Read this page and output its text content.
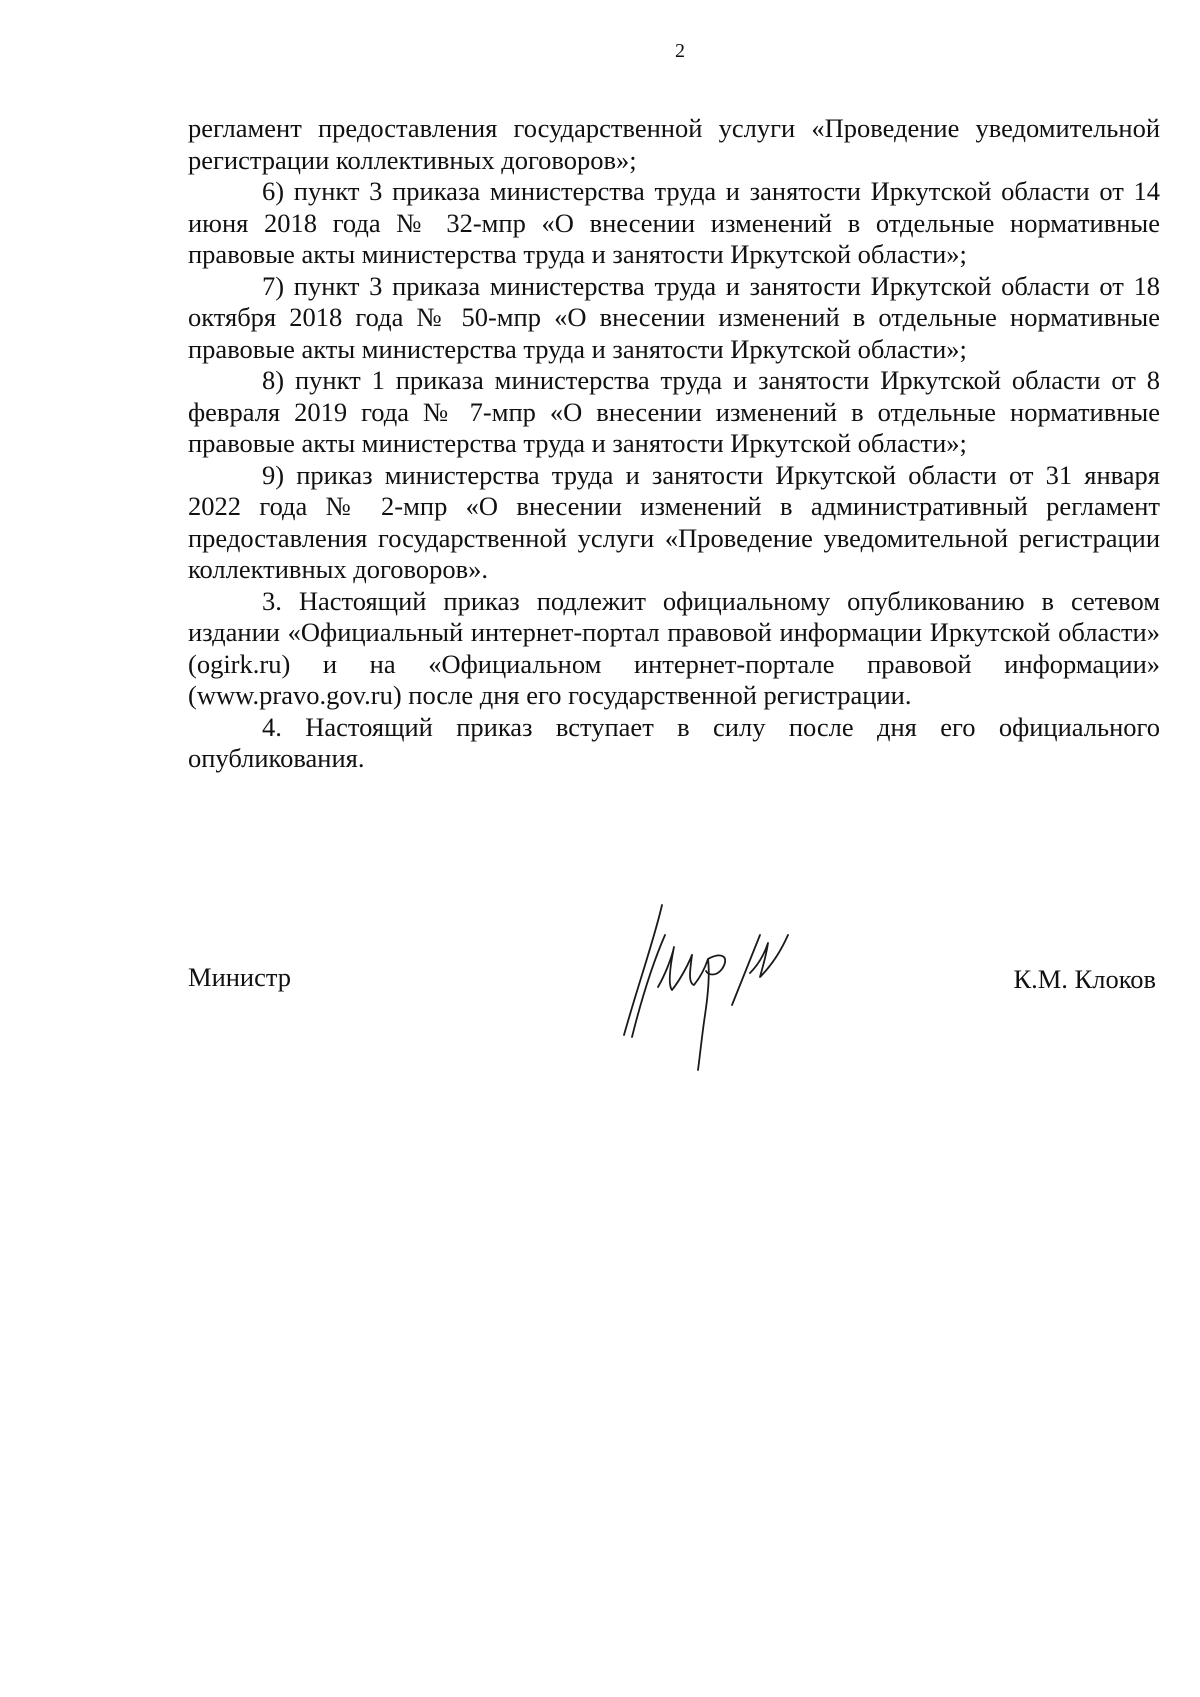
2

регламент предоставления государственной услуги «Проведение уведомительной регистрации коллективных договоров»;

6) пункт 3 приказа министерства труда и занятости Иркутской области от 14 июня 2018 года № 32-мпр «О внесении изменений в отдельные нормативные правовые акты министерства труда и занятости Иркутской области»;

7) пункт 3 приказа министерства труда и занятости Иркутской области от 18 октября 2018 года № 50-мпр «О внесении изменений в отдельные нормативные правовые акты министерства труда и занятости Иркутской области»;

8) пункт 1 приказа министерства труда и занятости Иркутской области от 8 февраля 2019 года № 7-мпр «О внесении изменений в отдельные нормативные правовые акты министерства труда и занятости Иркутской области»;

9) приказ министерства труда и занятости Иркутской области от 31 января 2022 года № 2-мпр «О внесении изменений в административный регламент предоставления государственной услуги «Проведение уведомительной регистрации коллективных договоров».

3. Настоящий приказ подлежит официальному опубликованию в сетевом издании «Официальный интернет-портал правовой информации Иркутской области» (ogirk.ru) и на «Официальном интернет-портале правовой информации» (www.pravo.gov.ru) после дня его государственной регистрации.

4. Настоящий приказ вступает в силу после дня его официального опубликования.

Министр	К.М. Клоков
